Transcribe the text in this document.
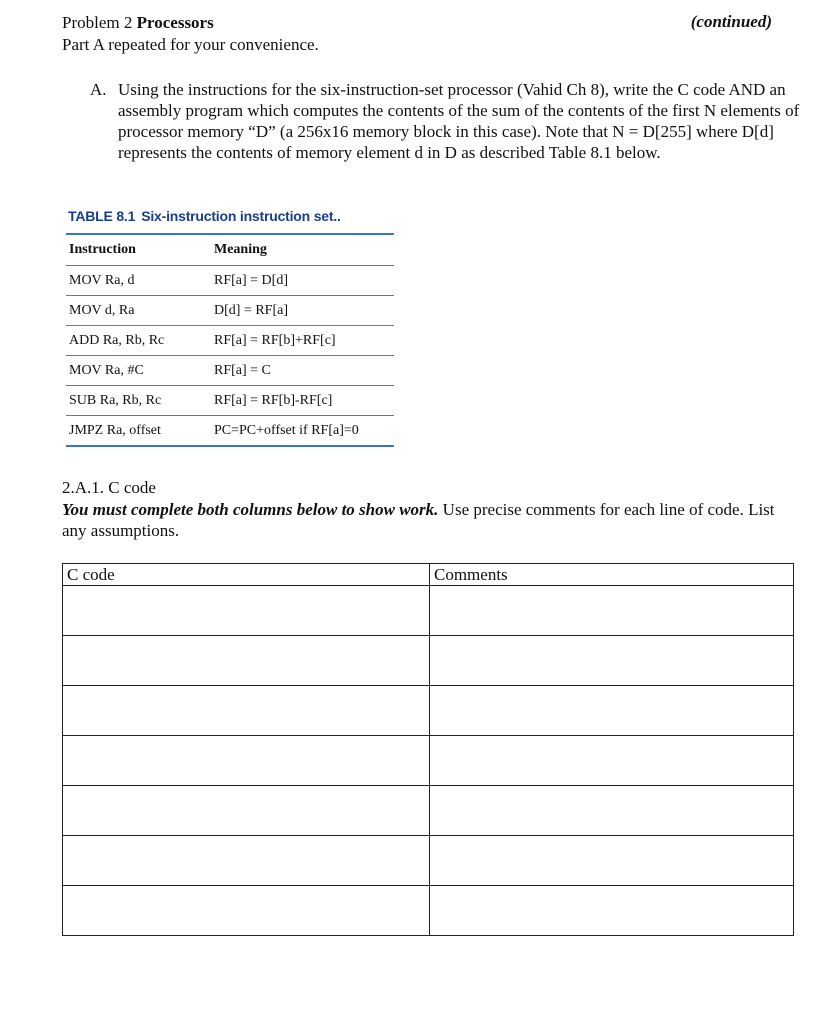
Problem 2 Processors	(continued)
Part A repeated for your convenience.
A. Using the instructions for the six-instruction-set processor (Vahid Ch 8), write the C code AND an assembly program which computes the contents of the sum of the contents of the first N elements of processor memory “D” (a 256x16 memory block in this case). Note that N = D[255] where D[d] represents the contents of memory element d in D as described Table 8.1 below.
TABLE 8.1 Six-instruction instruction set..
Instruction	Meaning
MOV Ra, d	RF[a] = D[d]
MOV d, Ra	D[d] = RF[a]
ADD Ra, Rb, Rc	RF[a] = RF[b]+RF[c]
MOV Ra, #C	RF[a] = C
SUB Ra, Rb, Rc	RF[a] = RF[b]-RF[c]
JMPZ Ra, offset	PC=PC+offset if RF[a]=0
2.A.1. C code
You must complete both columns below to show work. Use precise comments for each line of code. List any assumptions.
C code	Comments
